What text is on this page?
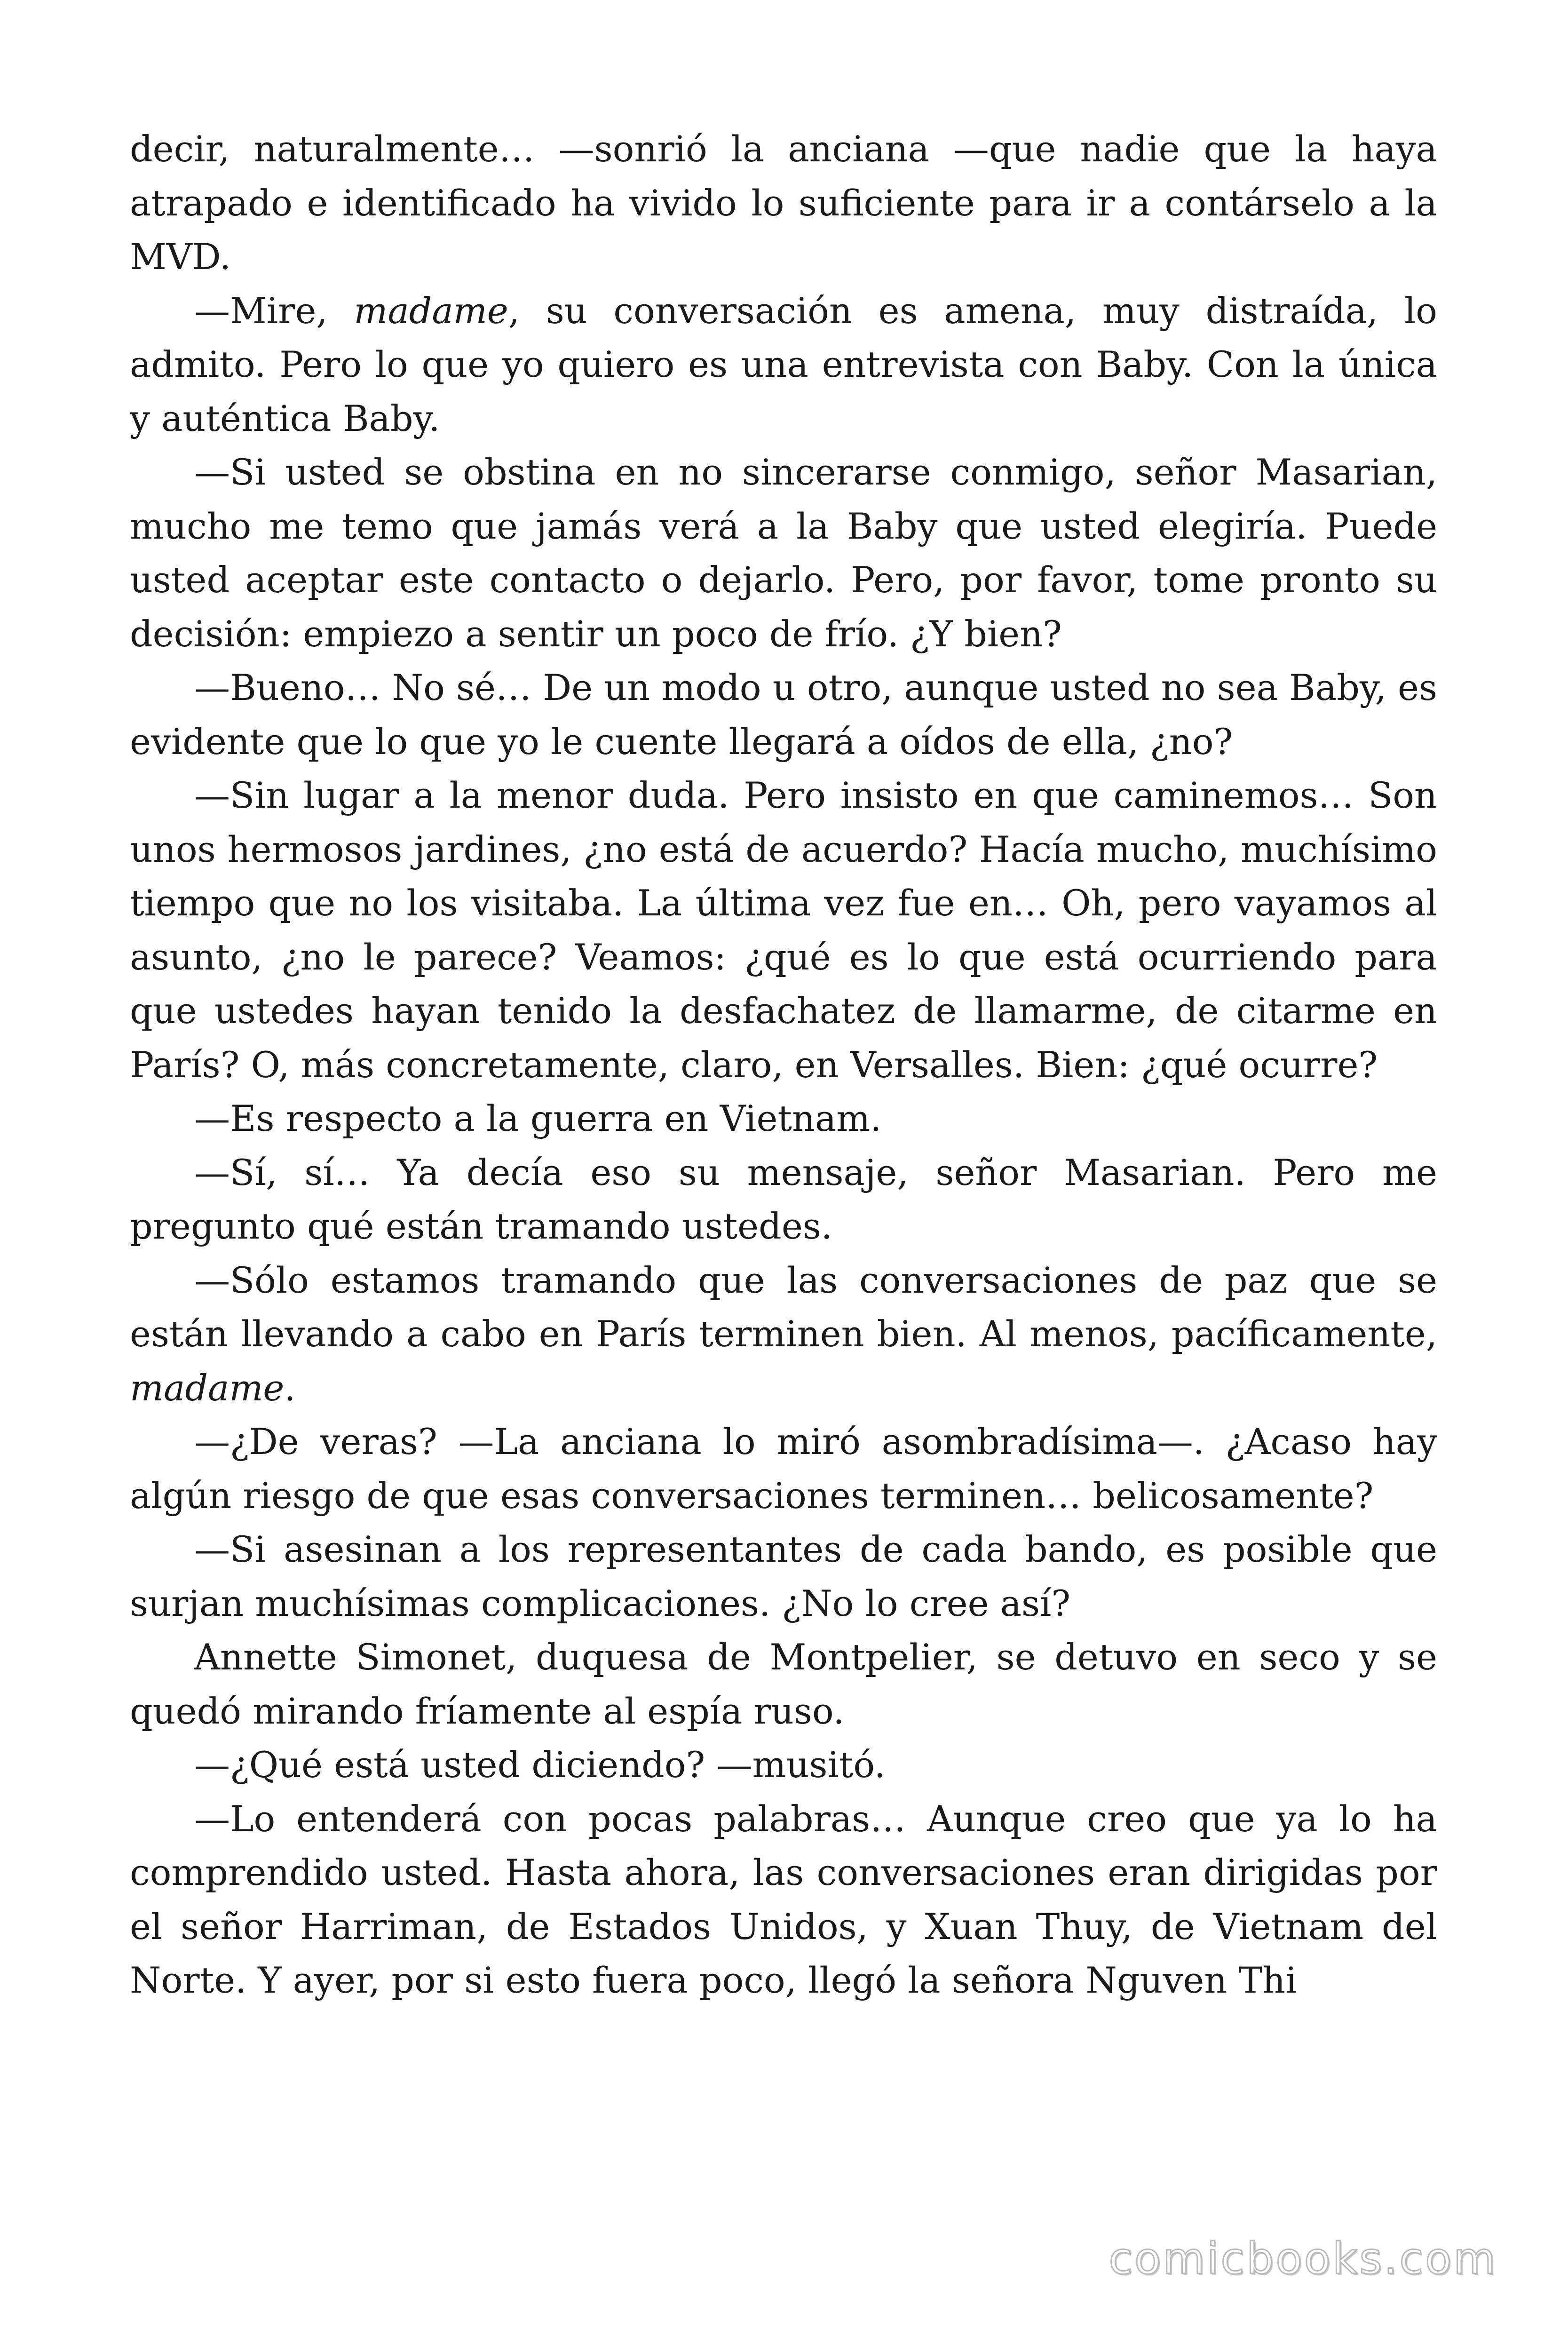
decir, naturalmente… —sonrió la anciana —que nadie que la haya atrapado e identificado ha vivido lo suficiente para ir a contárselo a la MVD.

—Mire, madame, su conversación es amena, muy distraída, lo admito. Pero lo que yo quiero es una entrevista con Baby. Con la única y auténtica Baby.

—Si usted se obstina en no sincerarse conmigo, señor Masarian, mucho me temo que jamás verá a la Baby que usted elegiría. Puede usted aceptar este contacto o dejarlo. Pero, por favor, tome pronto su decisión: empiezo a sentir un poco de frío. ¿Y bien?

—Bueno… No sé… De un modo u otro, aunque usted no sea Baby, es evidente que lo que yo le cuente llegará a oídos de ella, ¿no?

—Sin lugar a la menor duda. Pero insisto en que caminemos… Son unos hermosos jardines, ¿no está de acuerdo? Hacía mucho, muchísimo tiempo que no los visitaba. La última vez fue en… Oh, pero vayamos al asunto, ¿no le parece? Veamos: ¿qué es lo que está ocurriendo para que ustedes hayan tenido la desfachatez de llamarme, de citarme en París? O, más concretamente, claro, en Versalles. Bien: ¿qué ocurre?

—Es respecto a la guerra en Vietnam.

—Sí, sí… Ya decía eso su mensaje, señor Masarian. Pero me pregunto qué están tramando ustedes.

—Sólo estamos tramando que las conversaciones de paz que se están llevando a cabo en París terminen bien. Al menos, pacíficamente, madame.

—¿De veras? —La anciana lo miró asombradísima—. ¿Acaso hay algún riesgo de que esas conversaciones terminen… belicosamente?

—Si asesinan a los representantes de cada bando, es posible que surjan muchísimas complicaciones. ¿No lo cree así?

Annette Simonet, duquesa de Montpelier, se detuvo en seco y se quedó mirando fríamente al espía ruso.

—¿Qué está usted diciendo? —musitó.

—Lo entenderá con pocas palabras… Aunque creo que ya lo ha comprendido usted. Hasta ahora, las conversaciones eran dirigidas por el señor Harriman, de Estados Unidos, y Xuan Thuy, de Vietnam del Norte. Y ayer, por si esto fuera poco, llegó la señora Nguven Thi

comicbooks.com
